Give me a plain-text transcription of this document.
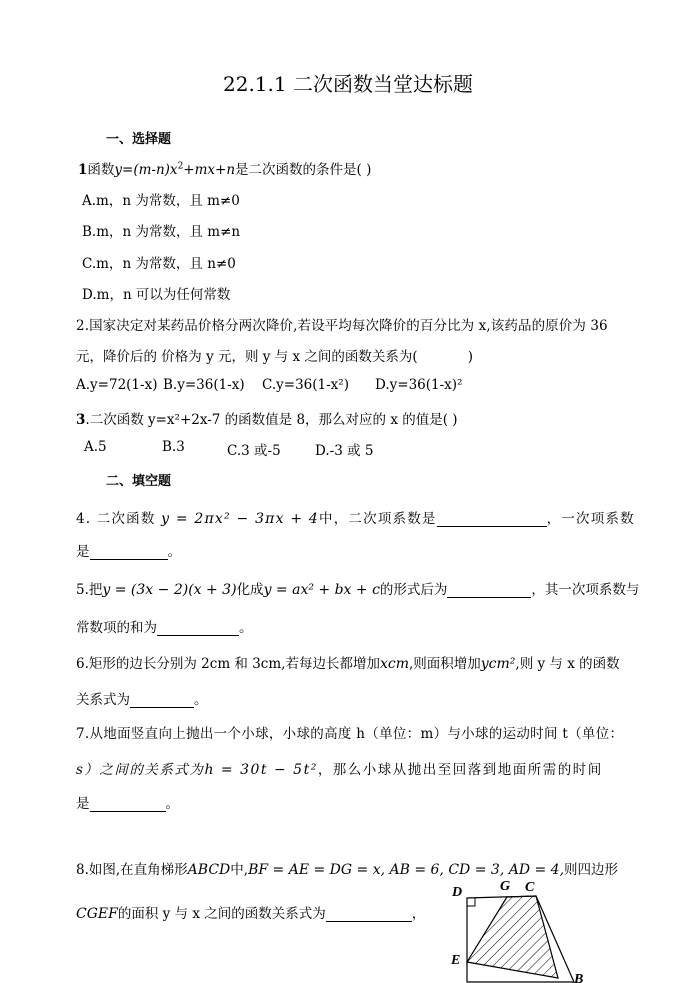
22.1.1 二次函数当堂达标题
一、选择题
1函数$y=(m-n)x^2+mx+n$是二次函数的条件是( )
A.m，n 为常数，且 m≠0
B.m，n 为常数，且 m≠n
C.m，n 为常数，且 n≠0
D.m，n 可以为任何常数
2.国家决定对某药品价格分两次降价,若设平均每次降价的百分比为 x,该药品的原价为 36
元，降价后的 价格为 y 元，则 y 与 x 之间的函数关系为(	)
A.y=72(1-x) B.y=36(1-x) C.y=36(1-x²) D.y=36(1-x)²
3.二次函数 y=x²+2x-7 的函数值是 8，那么对应的 x 的值是( )
A.5	B.3	C.3 或-5	D.-3 或 5
二、填空题
4. 二次函数 y = 2πx² − 3πx + 4中，二次项系数是	，一次项系数
是	。
5.把y = (3x − 2)(x + 3)化成y = ax² + bx + c的形式后为	，其一次项系数与
常数项的和为	。
6.矩形的边长分别为 2cm 和 3cm,若每边长都增加xcm,则面积增加ycm²,则 y 与 x 的函数
关系式为	。
7.从地面竖直向上抛出一个小球，小球的高度 h（单位：m）与小球的运动时间 t（单位：
s）之间的关系式为h = 30t − 5t²，那么小球从抛出至回落到地面所需的时间
是	。
8.如图,在直角梯形ABCD中,BF = AE = DG = x, AB = 6, CD = 3, AD = 4,则四边形
CGEF的面积 y 与 x 之间的函数关系式为	，
D	G C
E
B
